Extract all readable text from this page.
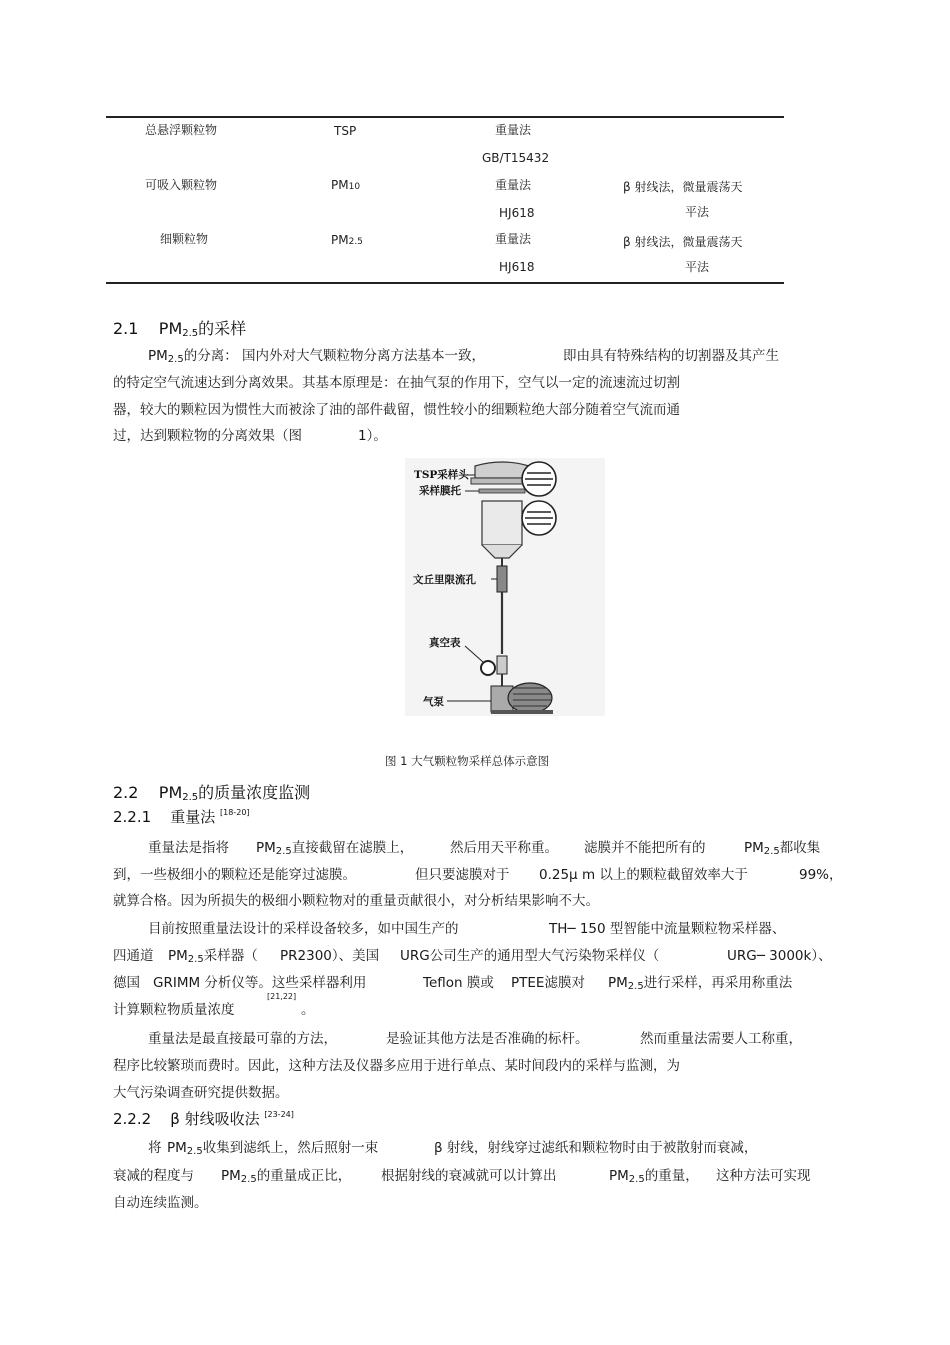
总悬浮颗粒物	TSP	重量法
GB/T15432
可吸入颗粒物	PM10	重量法	β 射线法，微量震荡天
平法
HJ618
细颗粒物	PM2.5	重量法	β 射线法，微量震荡天
平法
HJ618
2.1 PM2.5的采样
PM2.5的分离： 国内外对大气颗粒物分离方法基本一致，	即由具有特殊结构的切割器及其产生
的特定空气流速达到分离效果。其基本原理是：在抽气泵的作用下，空气以一定的流速流过切割
器，较大的颗粒因为惯性大而被涂了油的部件截留，惯性较小的细颗粒绝大部分随着空气流而通
过，达到颗粒物的分离效果（图	1）。
TSP采样头
采样膜托
文丘里限流孔
真空表
气泵
图 1 大气颗粒物采样总体示意图
2.2 PM2.5的质量浓度监测
2.2.1 重量法 [18-20]
重量法是指将 PM2.5直接截留在滤膜上，	然后用天平称重。 滤膜并不能把所有的	PM2.5都收集
到，一些极细小的颗粒还是能穿过滤膜。	但只要滤膜对于 0.25μ m 以上的颗粒截留效率大于	99%，
就算合格。因为所损失的极细小颗粒物对的重量贡献很小，对分析结果影响不大。
目前按照重量法设计的采样设备较多，如中国生产的	TH─ 150 型智能中流量颗粒物采样器、
四通道 PM2.5采样器（ PR2300）、美国 URG公司生产的通用型大气污染物采样仪（	URG─ 3000k）、
德国 GRIMM 分析仪等。这些采样器利用	Teflon 膜或 PTEE滤膜对 PM2.5进行采样，再采用称重法
计算颗粒物质量浓度
[21,22]
。
重量法是最直接最可靠的方法，	是验证其他方法是否准确的标杆。	然而重量法需要人工称重，
程序比较繁琐而费时。因此，这种方法及仪器多应用于进行单点、某时间段内的采样与监测，为
大气污染调查研究提供数据。
2.2.2 β 射线吸收法 [23-24]
将 PM2.5收集到滤纸上，然后照射一束	β 射线，射线穿过滤纸和颗粒物时由于被散射而衰减，
衰减的程度与 PM2.5的重量成正比， 根据射线的衰减就可以计算出	PM2.5的重量， 这种方法可实现
自动连续监测。
